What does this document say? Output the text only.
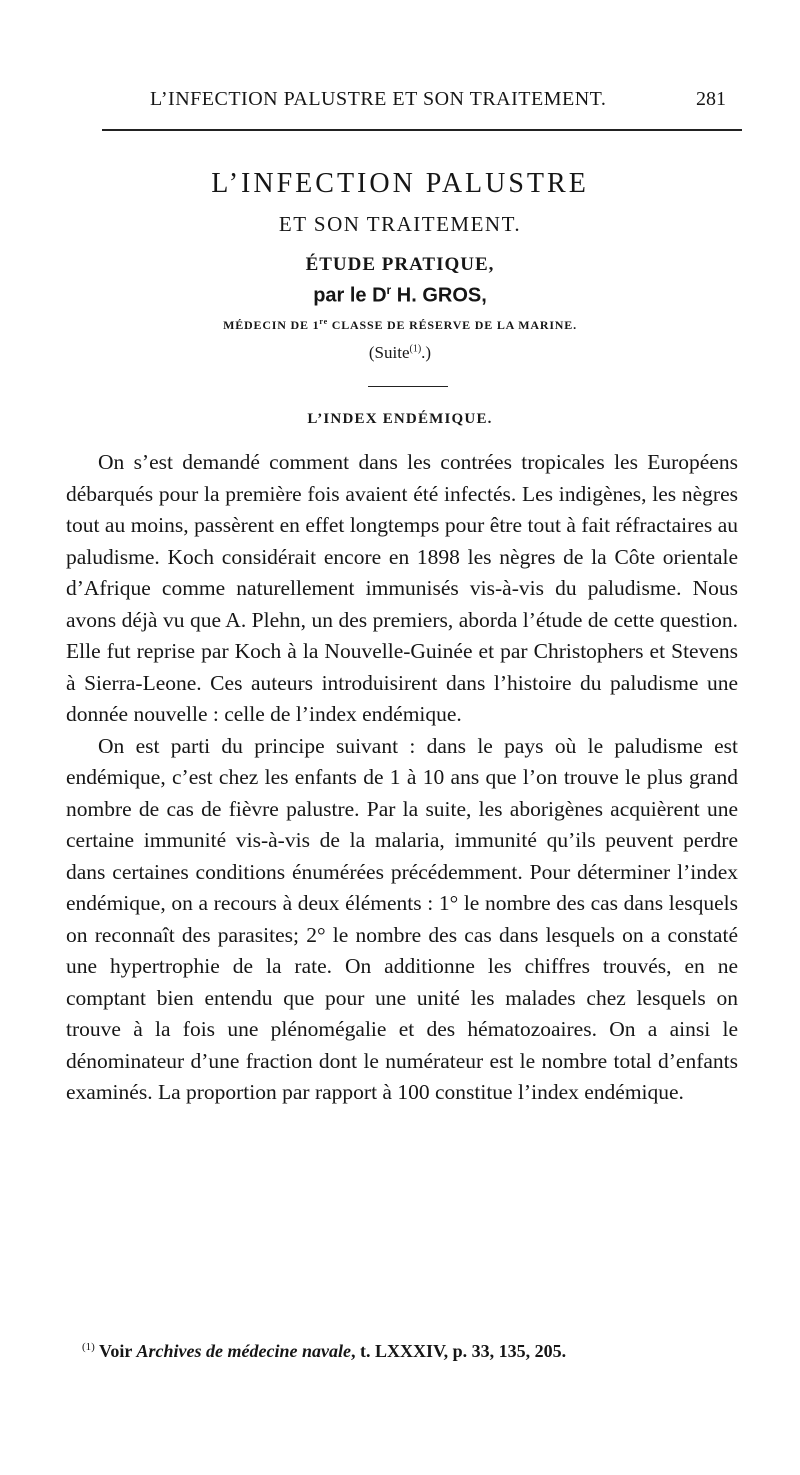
L’INFECTION PALUSTRE ET SON TRAITEMENT.	281
L’INFECTION PALUSTRE
ET SON TRAITEMENT.
ÉTUDE PRATIQUE,
par le $D^r$ H. GROS,
MÉDECIN DE 1re CLASSE DE RÉSERVE DE LA MARINE.
(Suite$^{(1)}$.)
L’INDEX ENDÉMIQUE.

On s’est demandé comment dans les contrées tropicales les Européens débarqués pour la première fois avaient été infectés. Les indigènes, les nègres tout au moins, passèrent en effet longtemps pour être tout à fait réfractaires au paludisme. Koch considérait encore en 1898 les nègres de la Côte orientale d’Afrique comme naturellement immunisés vis-à-vis du paludisme. Nous avons déjà vu que A. Plehn, un des premiers, aborda l’étude de cette question. Elle fut reprise par Koch à la Nouvelle-Guinée et par Christophers et Stevens à Sierra-Leone. Ces auteurs introduisirent dans l’histoire du paludisme une donnée nouvelle : celle de l’index endémique.

On est parti du principe suivant : dans le pays où le paludisme est endémique, c’est chez les enfants de 1 à 10 ans que l’on trouve le plus grand nombre de cas de fièvre palustre. Par la suite, les aborigènes acquièrent une certaine immunité vis-à-vis de la malaria, immunité qu’ils peuvent perdre dans certaines conditions énumérées précédemment. Pour déterminer l’index endémique, on a recours à deux éléments : 1° le nombre des cas dans lesquels on reconnaît des parasites; 2° le nombre des cas dans lesquels on a constaté une hypertrophie de la rate. On additionne les chiffres trouvés, en ne comptant bien entendu que pour une unité les malades chez lesquels on trouve à la fois une plénomégalie et des hématozoaires. On a ainsi le dénominateur d’une fraction dont le numérateur est le nombre total d’enfants examinés. La proportion par rapport à 100 constitue l’index endémique.

$^{(1)}$ Voir Archives de médecine navale, t. LXXXIV, p. 33, 135, 205.
